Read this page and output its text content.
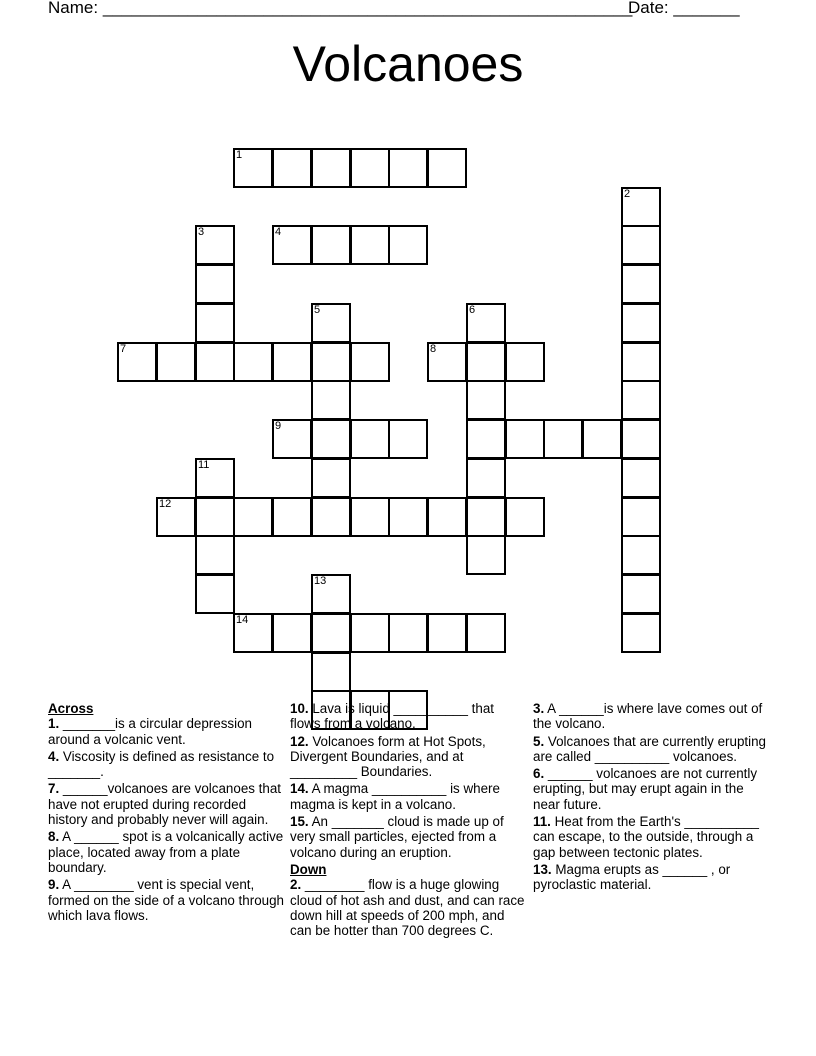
Name: ________________________________________________________
Date: _______
Volcanoes
1
2
3	4
5	6
7	8
9
11
12
13
14
Across
1. _______is a circular depression around a volcanic vent.
4. Viscosity is defined as resistance to _______.
7. ______volcanoes are volcanoes that have not erupted during recorded history and probably never will again.
8. A ______ spot is a volcanically active place, located away from a plate boundary.
9. A ________ vent is special vent, formed on the side of a volcano through which lava flows.
10. Lava is liquid __________ that flows from a volcano.
12. Volcanoes form at Hot Spots, Divergent Boundaries, and at _________ Boundaries.
14. A magma __________ is where magma is kept in a volcano.
15. An _______ cloud is made up of very small particles, ejected from a volcano during an eruption.
Down
2. ________ flow is a huge glowing cloud of hot ash and dust, and can race down hill at speeds of 200 mph, and can be hotter than 700 degrees C.
3. A ______is where lave comes out of the volcano.
5. Volcanoes that are currently erupting are called __________ volcanoes.
6. ______ volcanoes are not currently erupting, but may erupt again in the near future.
11. Heat from the Earth's __________ can escape, to the outside, through a gap between tectonic plates.
13. Magma erupts as ______ , or pyroclastic material.
